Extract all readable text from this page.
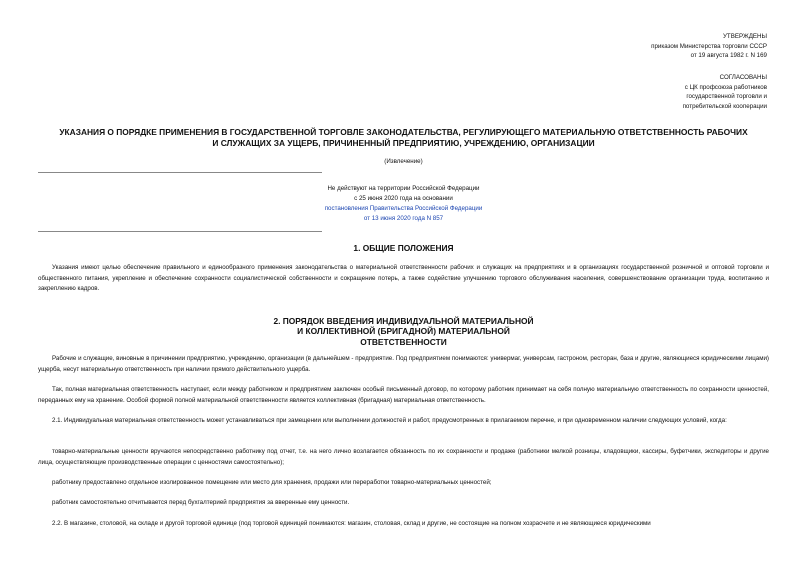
УТВЕРЖДЕНЫ
приказом Министерства торговли СССР
от 19 августа 1982 г. N 169
СОГЛАСОВАНЫ
с ЦК профсоюза работников
государственной торговли и
потребительской кооперации
УКАЗАНИЯ О ПОРЯДКЕ ПРИМЕНЕНИЯ В ГОСУДАРСТВЕННОЙ ТОРГОВЛЕ ЗАКОНОДАТЕЛЬСТВА, РЕГУЛИРУЮЩЕГО МАТЕРИАЛЬНУЮ ОТВЕТСТВЕННОСТЬ РАБОЧИХ
И СЛУЖАЩИХ ЗА УЩЕРБ, ПРИЧИНЕННЫЙ ПРЕДПРИЯТИЮ, УЧРЕЖДЕНИЮ, ОРГАНИЗАЦИИ
(Извлечение)
Не действуют на территории Российской Федерации
с 25 июня 2020 года на основании
постановления Правительства Российской Федерации
от 13 июня 2020 года N 857
1. ОБЩИЕ ПОЛОЖЕНИЯ
Указания имеют целью обеспечение правильного и единообразного применения законодательства о материальной ответственности рабочих и служащих на предприятиях и в организациях государственной розничной и оптовой торговли и общественного питания, укрепление и обеспечение сохранности социалистической собственности и сокращение потерь, а также содействие улучшению торгового обслуживания населения, совершенствование организации труда, воспитанию и закреплению кадров.
2. ПОРЯДОК ВВЕДЕНИЯ ИНДИВИДУАЛЬНОЙ МАТЕРИАЛЬНОЙ
И КОЛЛЕКТИВНОЙ (БРИГАДНОЙ) МАТЕРИАЛЬНОЙ
ОТВЕТСТВЕННОСТИ
Рабочие и служащие, виновные в причинении предприятию, учреждению, организации (в дальнейшем - предприятие. Под предприятием понимаются: универмаг, универсам, гастроном, ресторан, база и другие, являющиеся юридическими лицами) ущерба, несут материальную ответственность при наличии прямого действительного ущерба.
Так, полная материальная ответственность наступает, если между работником и предприятием заключен особый письменный договор, по которому работник принимает на себя полную материальную ответственность по сохранности ценностей, переданных ему на хранение. Особой формой полной материальной ответственности является коллективная (бригадная) материальная ответственность.
2.1. Индивидуальная материальная ответственность может устанавливаться при замещении или выполнении должностей и работ, предусмотренных в прилагаемом перечне, и при одновременном наличии следующих условий, когда:
товарно-материальные ценности вручаются непосредственно работнику под отчет, т.е. на него лично возлагается обязанность по их сохранности и продаже (работники мелкой розницы, кладовщики, кассиры, буфетчики, экспедиторы и другие лица, осуществляющие производственные операции с ценностями самостоятельно);
работнику предоставлено отдельное изолированное помещение или место для хранения, продажи или переработки товарно-материальных ценностей;
работник самостоятельно отчитывается перед бухгалтерией предприятия за вверенные ему ценности.
2.2. В магазине, столовой, на складе и другой торговой единице (под торговой единицей понимаются: магазин, столовая, склад и другие, не состоящие на полном хозрасчете и не являющиеся юридическими
